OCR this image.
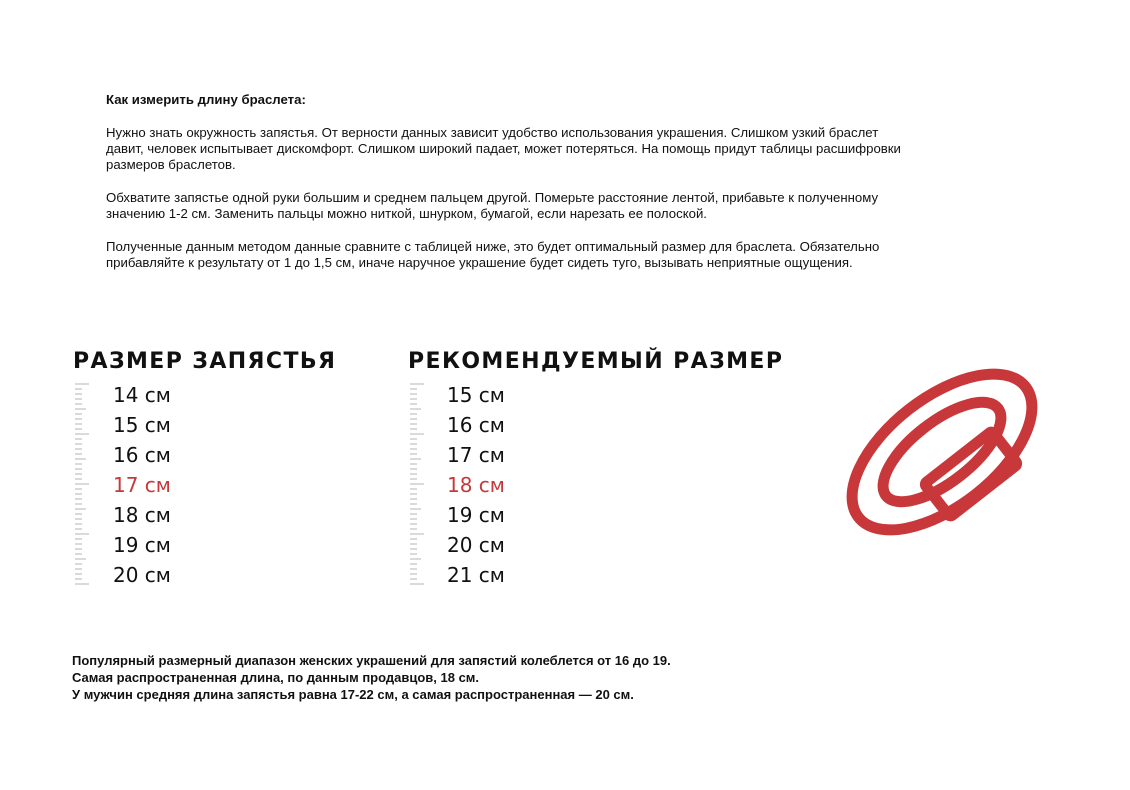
Как измерить длину браслета:

Нужно знать окружность запястья. От верности данных зависит удобство использования украшения. Слишком узкий браслет давит, человек испытывает дискомфорт. Слишком широкий падает, может потеряться. На помощь придут таблицы расшифровки размеров браслетов.

Обхватите запястье одной руки большим и среднем пальцем другой. Померьте расстояние лентой, прибавьте к полученному значению 1-2 см. Заменить пальцы можно ниткой, шнурком, бумагой, если нарезать ее полоской.

Полученные данным методом данные сравните с таблицей ниже, это будет оптимальный размер для браслета. Обязательно прибавляйте к результату от 1 до 1,5 см, иначе наручное украшение будет сидеть туго, вызывать неприятные ощущения.

РАЗМЕР ЗАПЯСТЬЯ	РЕКОМЕНДУЕМЫЙ РАЗМЕР
14 см
15 см
16 см
17 см
18 см
19 см
20 см
15 см
16 см
17 см
18 см
19 см
20 см
21 см

Популярный размерный диапазон женских украшений для запястий колеблется от 16 до 19.

Самая распространенная длина, по данным продавцов, 18 см.

У мужчин средняя длина запястья равна 17-22 см, а самая распространенная — 20 см.
